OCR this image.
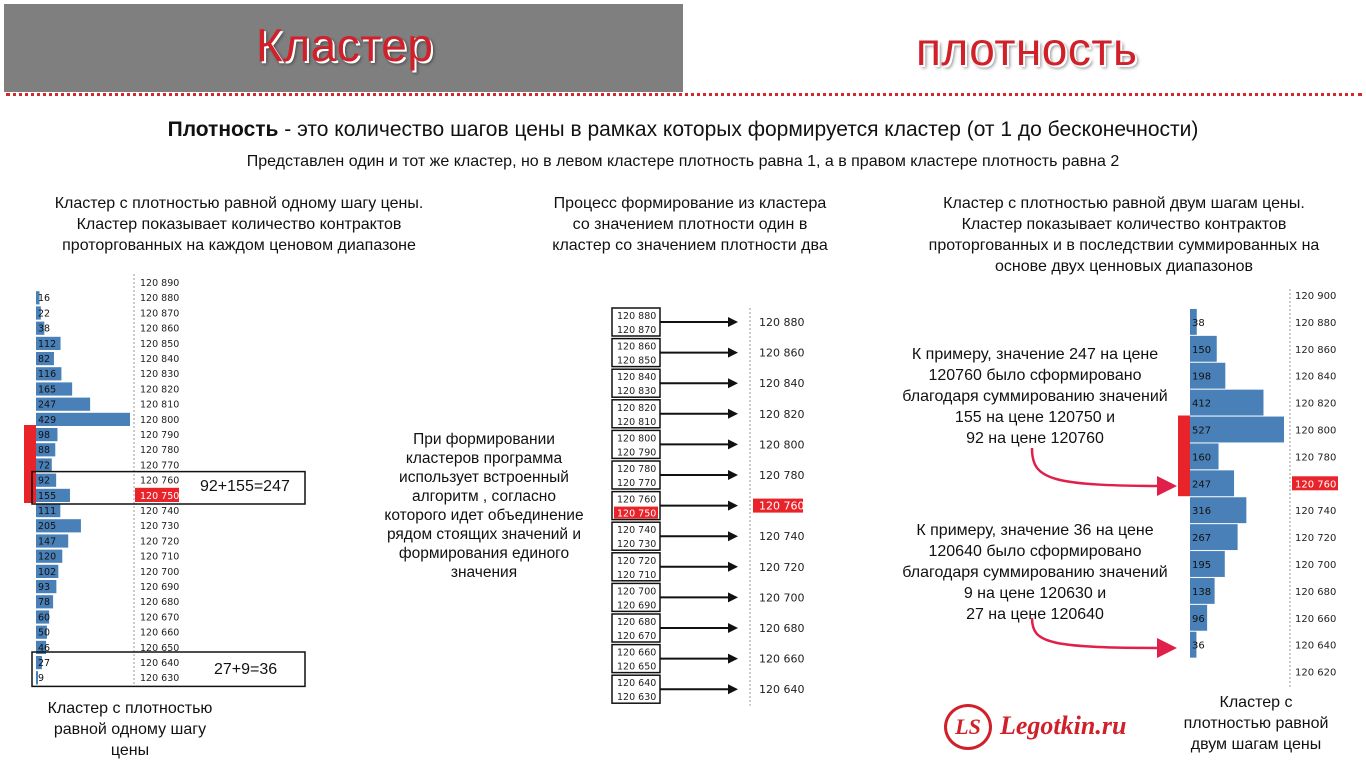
Кластер	плотность
Плотность - это количество шагов цены в рамках которых формируется кластер (от 1 до бесконечности)
Представлен один и тот же кластер, но в левом кластере плотность равна 1, а в правом кластере плотность равна 2
Кластер с плотностью равной одному шагу цены.
Кластер показывает количество контрактов
проторгованных на каждом ценовом диапазоне
Процесс формирование из кластера
со значением плотности один в
кластер со значением плотности два
Кластер с плотностью равной двум шагам цены.
Кластер показывает количество контрактов
проторгованных и в последствии суммированных на
основе двух ценновых диапазонов
120 890
120 880
16
120 870
22
120 860
38
120 850
112
120 840
82
120 830
116
120 820
165
120 810
247
120 800
429
120 790
98
120 780
88
120 770
72
120 760
92
120 750
155
120 740
111
120 730
205
120 720
147
120 710
120
120 700
102
120 690
93
120 680
78
120 670
60
120 660
50
120 650
46
120 640
27
120 630
9
120 880
120 870
120 880
120 860
120 850
120 860
120 840
120 830
120 840
120 820
120 810
120 820
120 800
120 790
120 800
120 780
120 770
120 780
120 760
120 750
120 760
120 740
120 730
120 740
120 720
120 710
120 720
120 700
120 690
120 700
120 680
120 670
120 680
120 660
120 650
120 660
120 640
120 630
120 640
120 900
120 880
38
120 860
150
120 840
198
120 820
412
120 800
527
120 780
160
120 760
247
120 740
316
120 720
267
120 700
195
120 680
138
120 660
96
120 640
36
120 620
92+155=247
27+9=36
Кластер с плотностью
равной одному шагу
цены
При формировании
кластеров программа
использует встроенный
алгоритм , согласно
которого идет объединение
рядом стоящих значений и
формирования единого
значения
К примеру, значение 247 на цене
120760 было сформировано
благодаря суммированию значений
155 на цене 120750 и
92 на цене 120760
К примеру, значение 36 на цене
120640 было сформировано
благодаря суммированию значений
9 на цене 120630 и
27 на цене 120640
Кластер с
плотностью равной
двум шагам цены
LS Legotkin.ru
